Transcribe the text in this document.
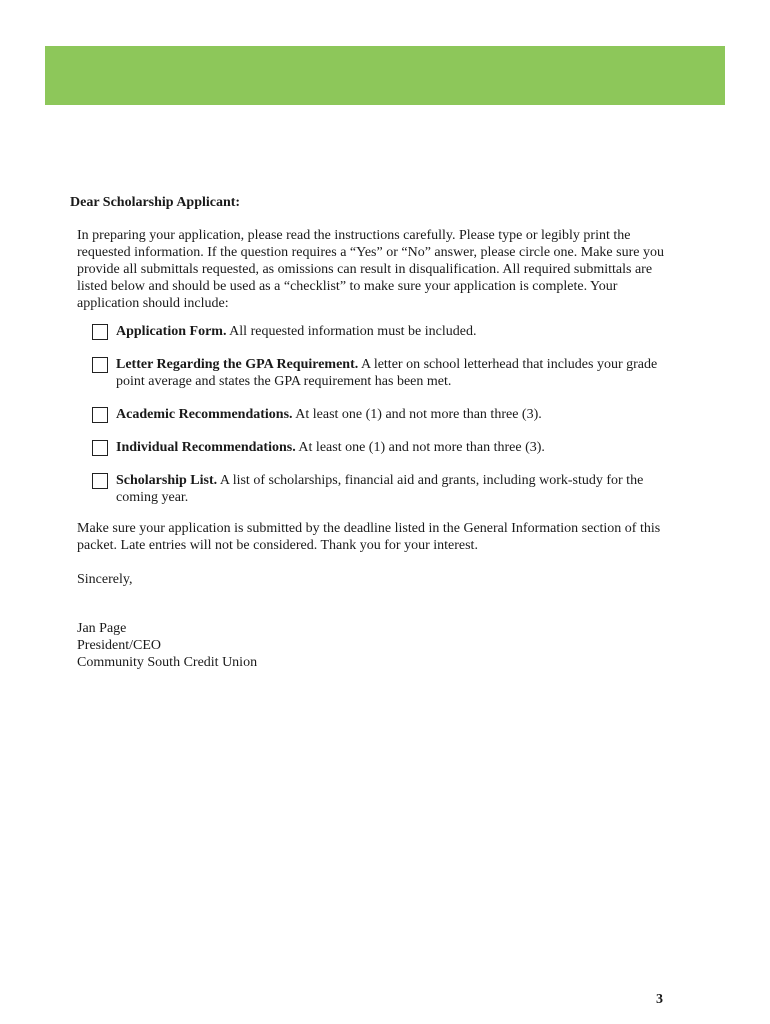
Dear Scholarship Applicant:

In preparing your application, please read the instructions carefully. Please type or legibly print the requested information. If the question requires a “Yes” or “No” answer, please circle one. Make sure you provide all submittals requested, as omissions can result in disqualification. All required submittals are listed below and should be used as a “checklist” to make sure your application is complete. Your application should include:

Application Form. All requested information must be included.
Letter Regarding the GPA Requirement. A letter on school letterhead that includes your grade point average and states the GPA requirement has been met.
Academic Recommendations. At least one (1) and not more than three (3).
Individual Recommendations. At least one (1) and not more than three (3).
Scholarship List. A list of scholarships, financial aid and grants, including work-study for the coming year.

Make sure your application is submitted by the deadline listed in the General Information section of this packet. Late entries will not be considered. Thank you for your interest.

Sincerely,
Jan Page
President/CEO
Community South Credit Union
3
